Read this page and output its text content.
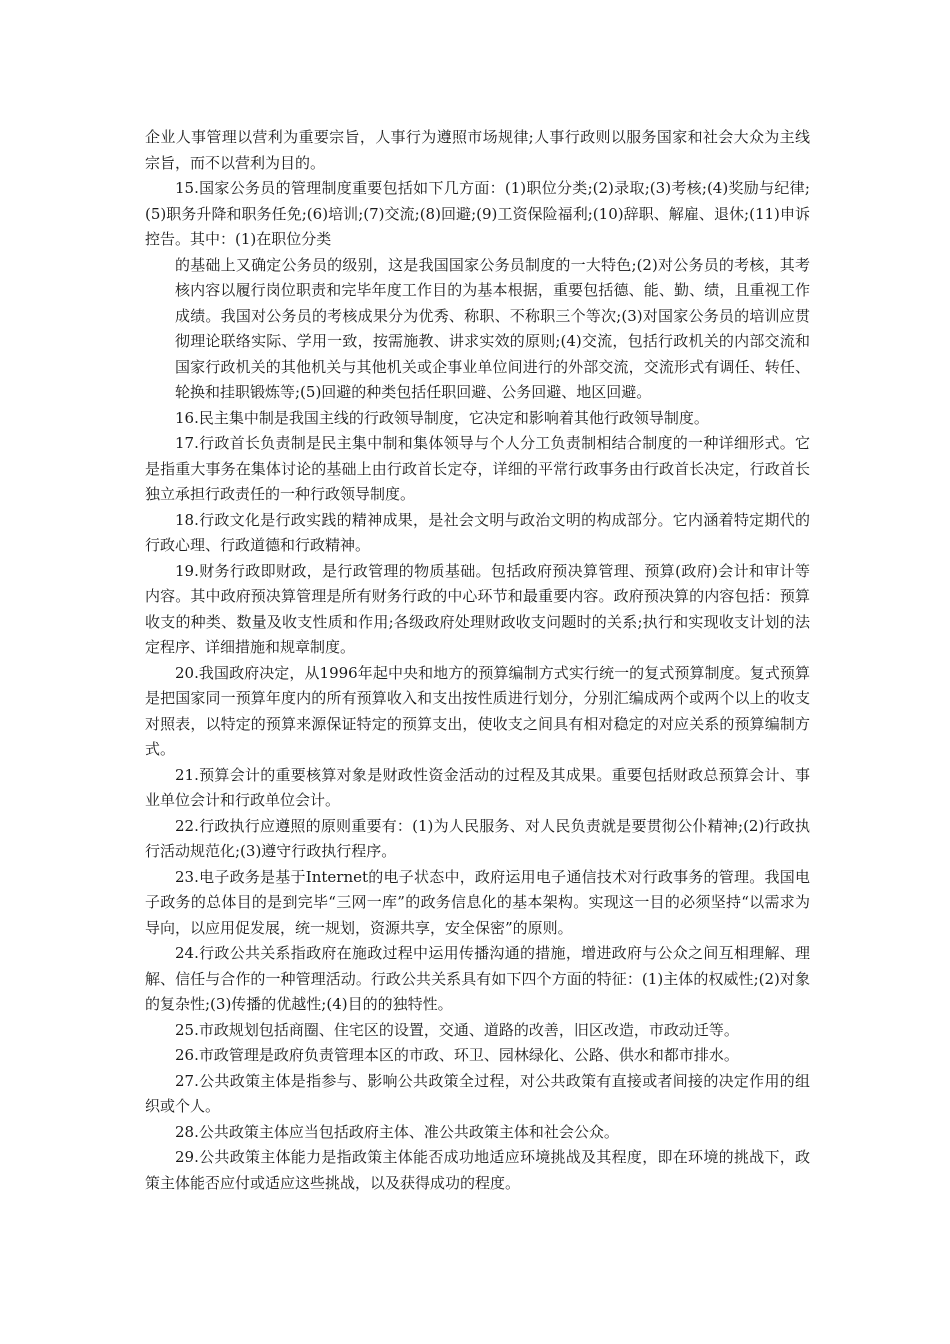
企业人事管理以营利为重要宗旨，人事行为遵照市场规律;人事行政则以服务国家和社会大众为主线宗旨，而不以营利为目的。

15.国家公务员的管理制度重要包括如下几方面：(1)职位分类;(2)录取;(3)考核;(4)奖励与纪律;(5)职务升降和职务任免;(6)培训;(7)交流;(8)回避;(9)工资保险福利;(10)辞职、解雇、退休;(11)申诉控告。其中：(1)在职位分类

的基础上又确定公务员的级别，这是我国国家公务员制度的一大特色;(2)对公务员的考核，其考核内容以履行岗位职责和完毕年度工作目的为基本根据，重要包括德、能、勤、绩，且重视工作成绩。我国对公务员的考核成果分为优秀、称职、不称职三个等次;(3)对国家公务员的培训应贯彻理论联络实际、学用一致，按需施教、讲求实效的原则;(4)交流，包括行政机关的内部交流和国家行政机关的其他机关与其他机关或企事业单位间进行的外部交流，交流形式有调任、转任、轮换和挂职锻炼等;(5)回避的种类包括任职回避、公务回避、地区回避。

16.民主集中制是我国主线的行政领导制度，它决定和影响着其他行政领导制度。

17.行政首长负责制是民主集中制和集体领导与个人分工负责制相结合制度的一种详细形式。它是指重大事务在集体讨论的基础上由行政首长定夺，详细的平常行政事务由行政首长决定，行政首长独立承担行政责任的一种行政领导制度。

18.行政文化是行政实践的精神成果，是社会文明与政治文明的构成部分。它内涵着特定期代的行政心理、行政道德和行政精神。

19.财务行政即财政，是行政管理的物质基础。包括政府预决算管理、预算(政府)会计和审计等内容。其中政府预决算管理是所有财务行政的中心环节和最重要内容。政府预决算的内容包括：预算收支的种类、数量及收支性质和作用;各级政府处理财政收支问题时的关系;执行和实现收支计划的法定程序、详细措施和规章制度。

20.我国政府决定，从1996年起中央和地方的预算编制方式实行统一的复式预算制度。复式预算是把国家同一预算年度内的所有预算收入和支出按性质进行划分，分别汇编成两个或两个以上的收支对照表，以特定的预算来源保证特定的预算支出，使收支之间具有相对稳定的对应关系的预算编制方式。

21.预算会计的重要核算对象是财政性资金活动的过程及其成果。重要包括财政总预算会计、事业单位会计和行政单位会计。

22.行政执行应遵照的原则重要有：(1)为人民服务、对人民负责就是要贯彻公仆精神;(2)行政执行活动规范化;(3)遵守行政执行程序。

23.电子政务是基于Internet的电子状态中，政府运用电子通信技术对行政事务的管理。我国电子政务的总体目的是到完毕“三网一库”的政务信息化的基本架构。实现这一目的必须坚持“以需求为导向，以应用促发展，统一规划，资源共享，安全保密”的原则。

24.行政公共关系指政府在施政过程中运用传播沟通的措施，增进政府与公众之间互相理解、理解、信任与合作的一种管理活动。行政公共关系具有如下四个方面的特征：(1)主体的权威性;(2)对象的复杂性;(3)传播的优越性;(4)目的的独特性。

25.市政规划包括商圈、住宅区的设置，交通、道路的改善，旧区改造，市政动迁等。

26.市政管理是政府负责管理本区的市政、环卫、园林绿化、公路、供水和都市排水。

27.公共政策主体是指参与、影响公共政策全过程，对公共政策有直接或者间接的决定作用的组织或个人。

28.公共政策主体应当包括政府主体、准公共政策主体和社会公众。

29.公共政策主体能力是指政策主体能否成功地适应环境挑战及其程度，即在环境的挑战下，政策主体能否应付或适应这些挑战，以及获得成功的程度。
